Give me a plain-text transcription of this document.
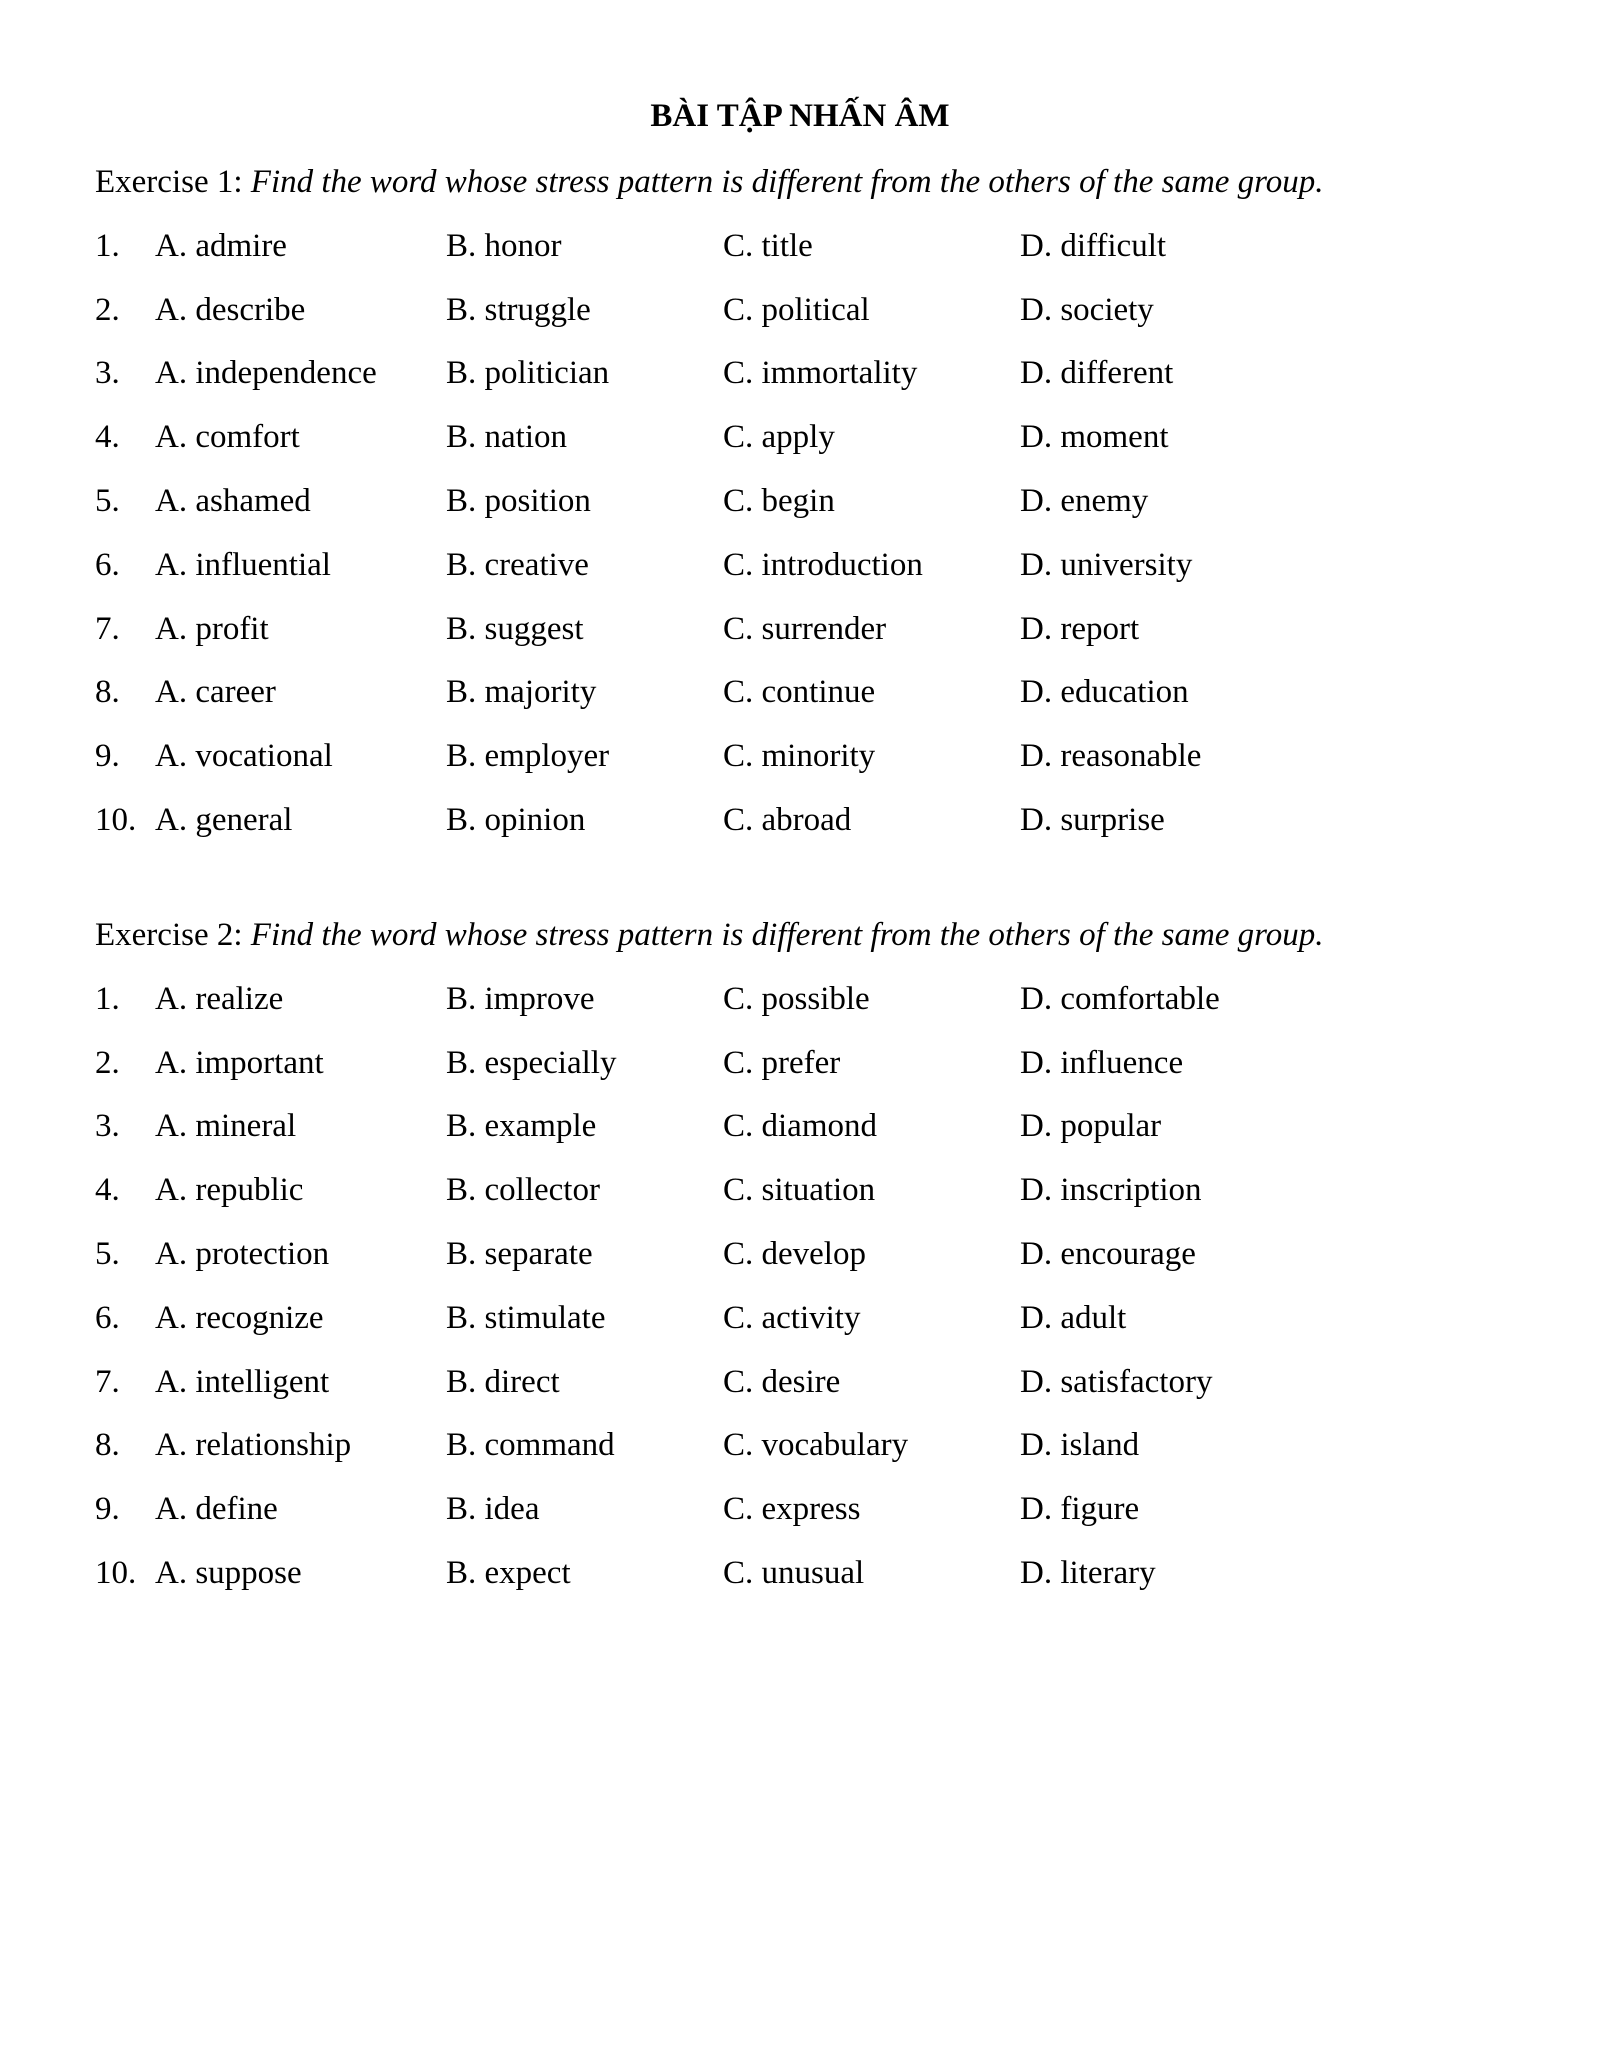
BÀI TẬP NHẤN ÂM
Exercise 1: Find the word whose stress pattern is different from the others of the same group.
1. A. admire	B. honor	C. title	D. difficult
2. A. describe	B. struggle	C. political	D. society
3. A. independence B. politician	C. immortality	D. different
4. A. comfort	B. nation	C. apply	D. moment
5. A. ashamed	B. position	C. begin	D. enemy
6. A. influential	B. creative	C. introduction	D. university
7. A. profit	B. suggest	C. surrender	D. report
8. A. career	B. majority	C. continue	D. education
9. A. vocational	B. employer	C. minority	D. reasonable
10. A. general	B. opinion	C. abroad	D. surprise
Exercise 2: Find the word whose stress pattern is different from the others of the same group.
1. A. realize	B. improve	C. possible	D. comfortable
2. A. important	B. especially	C. prefer	D. influence
3. A. mineral	B. example	C. diamond	D. popular
4. A. republic	B. collector	C. situation	D. inscription
5. A. protection	B. separate	C. develop	D. encourage
6. A. recognize	B. stimulate	C. activity	D. adult
7. A. intelligent	B. direct	C. desire	D. satisfactory
8. A. relationship	B. command	C. vocabulary	D. island
9. A. define	B. idea	C. express	D. figure
10. A. suppose	B. expect	C. unusual	D. literary
